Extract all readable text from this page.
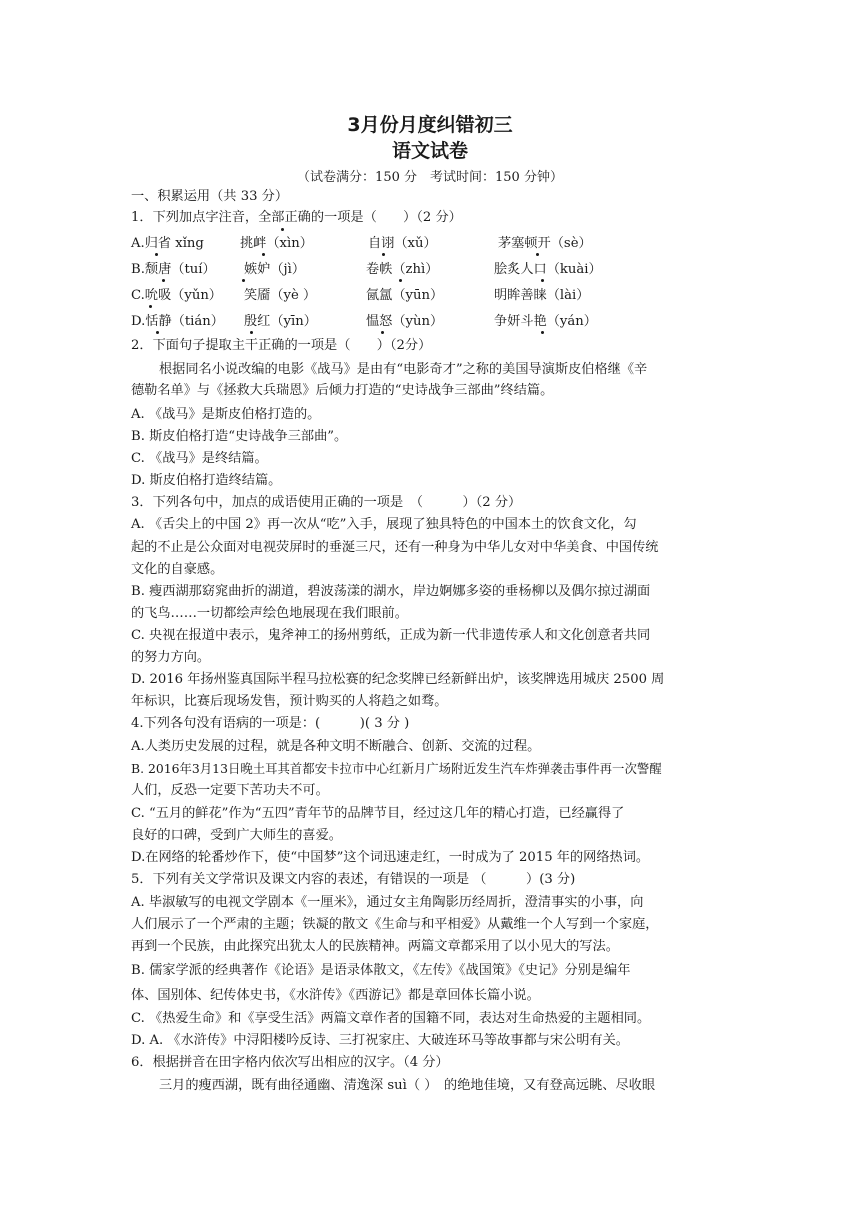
3月份月度纠错初三
语文试卷
（试卷满分：150 分　考试时间：150 分钟）
一、积累运用（共 33 分）
1．下列加点字注音，全部正确的一项是（　　）（2 分）
A.归省 xǐng	挑衅（xìn）	自诩（xǔ）	茅塞顿开（sè）
B.颓唐（tuí） 嫉妒（jì）	卷帙（zhì）	脍炙人口（kuài）
C.吮吸（yǔn） 笑靥（yè ）	氤氲（yūn）	明眸善睐（lài）
D.恬静（tián） 殷红（yīn）	愠怒（yùn）	争妍斗艳（yán）
2．下面句子提取主干正确的一项是（　　）（2分）
根据同名小说改编的电影《战马》是由有“电影奇才”之称的美国导演斯皮伯格继《辛
德勒名单》与《拯救大兵瑞恩》后倾力打造的“史诗战争三部曲”终结篇。
A. 《战马》是斯皮伯格打造的。
B. 斯皮伯格打造“史诗战争三部曲”。
C. 《战马》是终结篇。
D. 斯皮伯格打造终结篇。
3．下列各句中，加点的成语使用正确的一项是　（　　　）（2 分）
A. 《舌尖上的中国 2》再一次从“吃”入手，展现了独具特色的中国本土的饮食文化，勾
起的不止是公众面对电视荧屏时的垂涎三尺，还有一种身为中华儿女对中华美食、中国传统
文化的自豪感。
B. 瘦西湖那窈窕曲折的湖道，碧波荡漾的湖水，岸边婀娜多姿的垂杨柳以及偶尔掠过湖面
的飞鸟……一切都绘声绘色地展现在我们眼前。
C. 央视在报道中表示，鬼斧神工的扬州剪纸，正成为新一代非遗传承人和文化创意者共同
的努力方向。
D. 2016 年扬州鉴真国际半程马拉松赛的纪念奖牌已经新鲜出炉，该奖牌选用城庆 2500 周
年标识，比赛后现场发售，预计购买的人将趋之如骛。
4.下列各句没有语病的一项是：(　　　)( 3 分 )
A.人类历史发展的过程，就是各种文明不断融合、创新、交流的过程。
B. 2016年3月13日晚土耳其首都安卡拉市中心红新月广场附近发生汽车炸弹袭击事件再一次警醒
人们，反恐一定要下苦功夫不可。
C. “五月的鲜花”作为“五四”青年节的品牌节目，经过这几年的精心打造，已经赢得了
良好的口碑，受到广大师生的喜爱。
D.在网络的轮番炒作下，使“中国梦”这个词迅速走红，一时成为了 2015 年的网络热词。
5．下列有关文学常识及课文内容的表述，有错误的一项是 （　　　）(3 分)
A. 毕淑敏写的电视文学剧本《一厘米》，通过女主角陶影历经周折，澄清事实的小事，向
人们展示了一个严肃的主题；铁凝的散文《生命与和平相爱》从戴维一个人写到一个家庭，
再到一个民族，由此探究出犹太人的民族精神。两篇文章都采用了以小见大的写法。
B. 儒家学派的经典著作《论语》是语录体散文，《左传》《战国策》《史记》分别是编年
体、国别体、纪传体史书，《水浒传》《西游记》都是章回体长篇小说。
C. 《热爱生命》和《享受生活》两篇文章作者的国籍不同，表达对生命热爱的主题相同。
D. A. 《水浒传》中浔阳楼吟反诗、三打祝家庄、大破连环马等故事都与宋公明有关。
6．根据拼音在田字格内依次写出相应的汉字。（4 分）
三月的瘦西湖，既有曲径通幽、清逸深 suì（ ）　的绝地佳境，又有登高远眺、尽收眼
